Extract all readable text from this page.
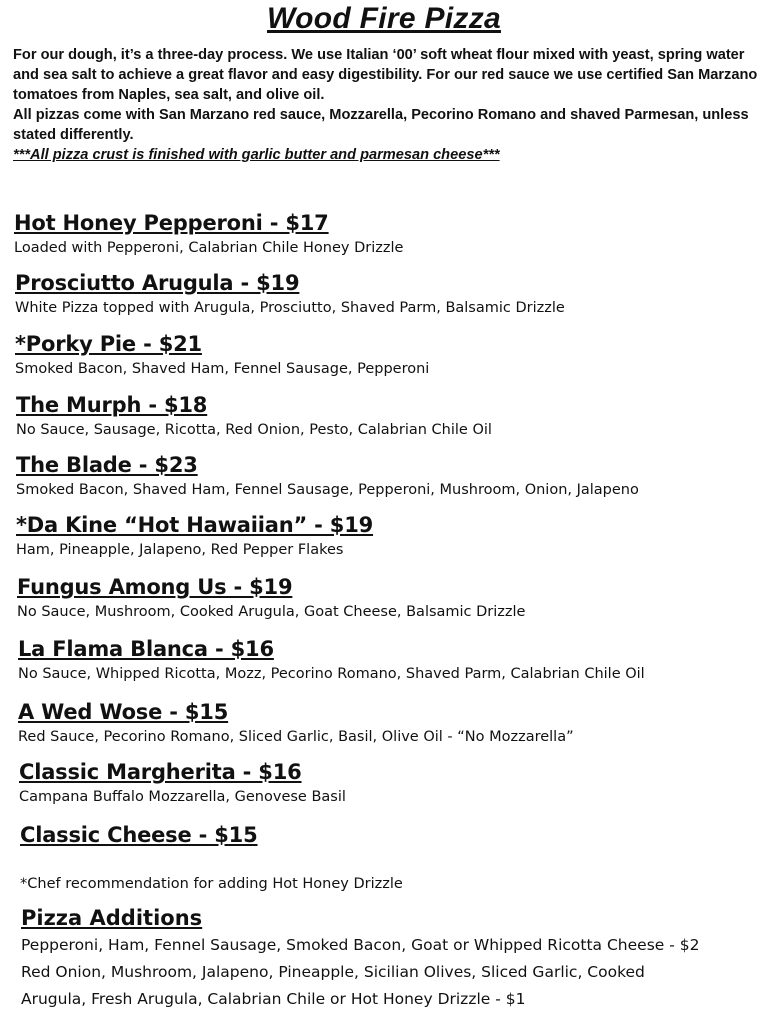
Wood Fire Pizza

For our dough, it’s a three-day process. We use Italian ‘00’ soft wheat flour mixed with yeast, spring water and sea salt to achieve a great flavor and easy digestibility. For our red sauce we use certified San Marzano tomatoes from Naples, sea salt, and olive oil.

All pizzas come with San Marzano red sauce, Mozzarella, Pecorino Romano and shaved Parmesan, unless stated differently.

***All pizza crust is finished with garlic butter and parmesan cheese***

Hot Honey Pepperoni - $17
Loaded with Pepperoni, Calabrian Chile Honey Drizzle
Prosciutto Arugula - $19
White Pizza topped with Arugula, Prosciutto, Shaved Parm, Balsamic Drizzle
*Porky Pie - $21
Smoked Bacon, Shaved Ham, Fennel Sausage, Pepperoni
The Murph - $18
No Sauce, Sausage, Ricotta, Red Onion, Pesto, Calabrian Chile Oil
The Blade - $23
Smoked Bacon, Shaved Ham, Fennel Sausage, Pepperoni, Mushroom, Onion, Jalapeno
*Da Kine “Hot Hawaiian” - $19
Ham, Pineapple, Jalapeno, Red Pepper Flakes
Fungus Among Us - $19
No Sauce, Mushroom, Cooked Arugula, Goat Cheese, Balsamic Drizzle
La Flama Blanca - $16
No Sauce, Whipped Ricotta, Mozz, Pecorino Romano, Shaved Parm, Calabrian Chile Oil
A Wed Wose - $15
Red Sauce, Pecorino Romano, Sliced Garlic, Basil, Olive Oil - “No Mozzarella”
Classic Margherita - $16
Campana Buffalo Mozzarella, Genovese Basil
Classic Cheese - $15
*Chef recommendation for adding Hot Honey Drizzle
Pizza Additions
Pepperoni, Ham, Fennel Sausage, Smoked Bacon, Goat or Whipped Ricotta Cheese - $2
Red Onion, Mushroom, Jalapeno, Pineapple, Sicilian Olives, Sliced Garlic, Cooked
Arugula, Fresh Arugula, Calabrian Chile or Hot Honey Drizzle - $1
